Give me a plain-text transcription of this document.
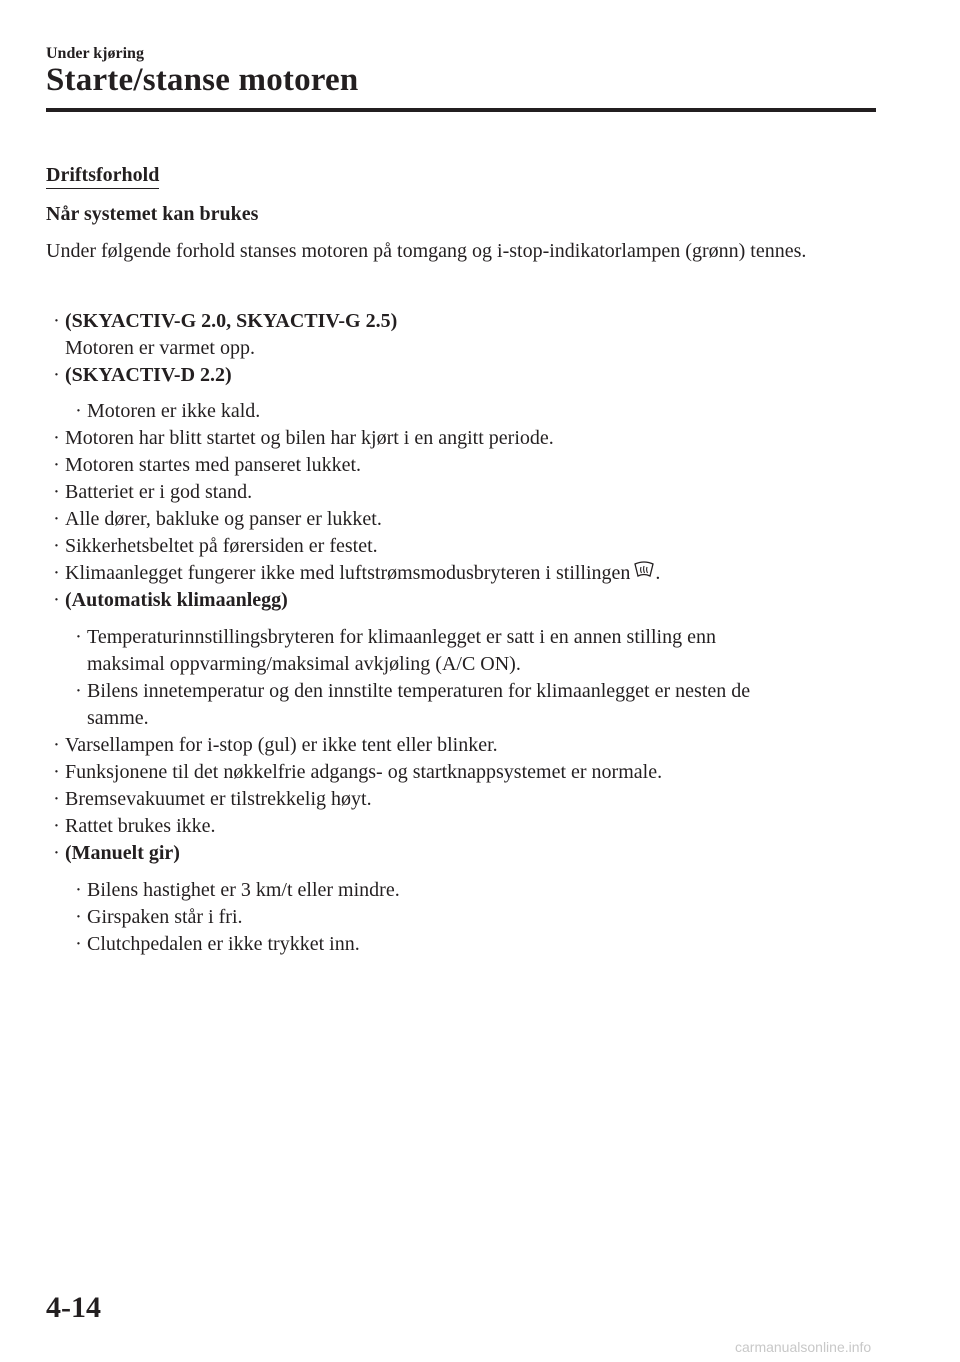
Under kjøring
Starte/stanse motoren
Driftsforhold
Når systemet kan brukes

Under følgende forhold stanses motoren på tomgang og i-stop-indikatorlampen (grønn) tennes.

· (SKYACTIV-G 2.0, SKYACTIV-G 2.5)
Motoren er varmet opp.
· (SKYACTIV-D 2.2)
· Motoren er ikke kald.
· Motoren har blitt startet og bilen har kjørt i en angitt periode.
· Motoren startes med panseret lukket.
· Batteriet er i god stand.
· Alle dører, bakluke og panser er lukket.
· Sikkerhetsbeltet på førersiden er festet.
· Klimaanlegget fungerer ikke med luftstrømsmodusbryteren i stillingen .
· (Automatisk klimaanlegg)
· Temperaturinnstillingsbryteren for klimaanlegget er satt i en annen stilling enn
maksimal oppvarming/maksimal avkjøling (A/C ON).
· Bilens innetemperatur og den innstilte temperaturen for klimaanlegget er nesten de
samme.
· Varsellampen for i-stop (gul) er ikke tent eller blinker.
· Funksjonene til det nøkkelfrie adgangs- og startknappsystemet er normale.
· Bremsevakuumet er tilstrekkelig høyt.
· Rattet brukes ikke.
· (Manuelt gir)
· Bilens hastighet er 3 km/t eller mindre.
· Girspaken står i fri.
· Clutchpedalen er ikke trykket inn.
4-14
carmanualsonline.info
